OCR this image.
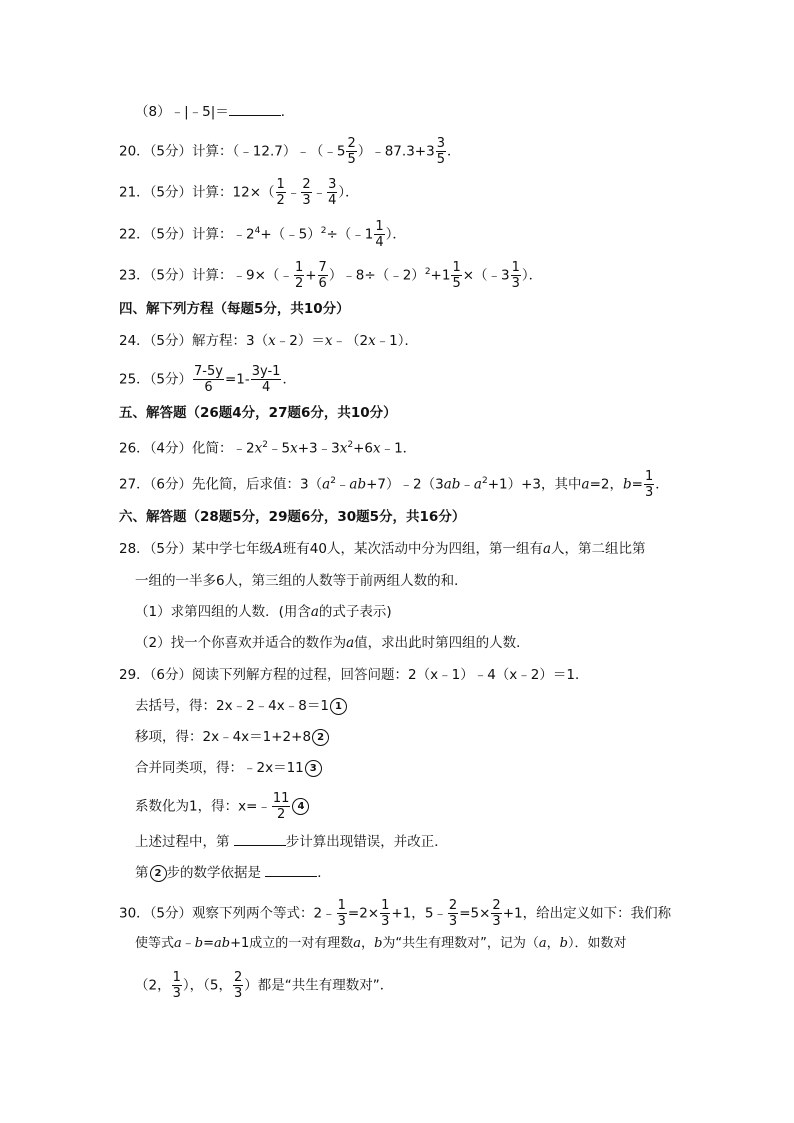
（8）﹣|﹣5|＝	．
20．（5分）计算：（﹣12.7）﹣（﹣5 $\frac{2}{5}$ ）﹣87.3+3 $\frac{3}{5}$ ．
21．（5分）计算：$12\times( \frac{1}{2}$ ﹣ $\frac{2}{3}$ ﹣ $\frac{3}{4}$ ）．
22．（5分）计算：$﹣2^4+(﹣5)^2\div(﹣1 \frac{1}{4}$ ）．
23．（5分）计算：﹣9×（﹣ $\frac{1}{2} + \frac{7}{6}$ ）﹣8÷（﹣2）$^2$+1 $\frac{1}{5}$ ×（﹣3 $\frac{1}{3}$ ）．
四、解下列方程（每题5分，共10分）
24．（5分）解方程：3（x﹣2）＝x﹣（2x﹣1）．
25．（5分） $\frac{7-5y}{6} =1- \frac{3y-1}{4}$ ．
五、解答题（26题4分，27题6分，共10分）
26．（4分）化简：$﹣2x^2﹣5x+3﹣3x^2+6x﹣1$．
27．（6分）先化简，后求值：$3(a^2﹣ab+7)﹣2(3ab﹣a^2+1)+3$，其中a=2，$b= \frac{1}{3}$ ．
六、解答题（28题5分，29题6分，30题5分，共16分）
28．（5分）某中学七年级A班有40人，某次活动中分为四组，第一组有a人，第二组比第
一组的一半多6人，第三组的人数等于前两组人数的和．
（1）求第四组的人数．(用含a的式子表示)
（2）找一个你喜欢并适合的数作为a值，求出此时第四组的人数．
29．（6分）阅读下列解方程的过程，回答问题：2（x﹣1）﹣4（x﹣2）＝1．
去括号，得：2x﹣2﹣4x﹣8＝1 1
移项，得：2x﹣4x＝1+2+8 2
合并同类项，得：﹣2x＝11 3
系数化为1，得：x=﹣ $\frac{11}{2} 4$
上述过程中，第	步计算出现错误，并改正．
第 2 步的数学依据是	．
30．（5分）观察下列两个等式：2﹣ $\frac{1}{3} =2\times \frac{1}{3} +1$，5﹣ $\frac{2}{3} =5\times \frac{2}{3} +1$，给出定义如下：我们称
使等式a﹣b=ab+1成立的一对有理数a，b为“共生有理数对”，记为（a，b）．如数对
（2， $\frac{1}{3}$ ），（5， $\frac{2}{3}$ ）都是“共生有理数对”．
